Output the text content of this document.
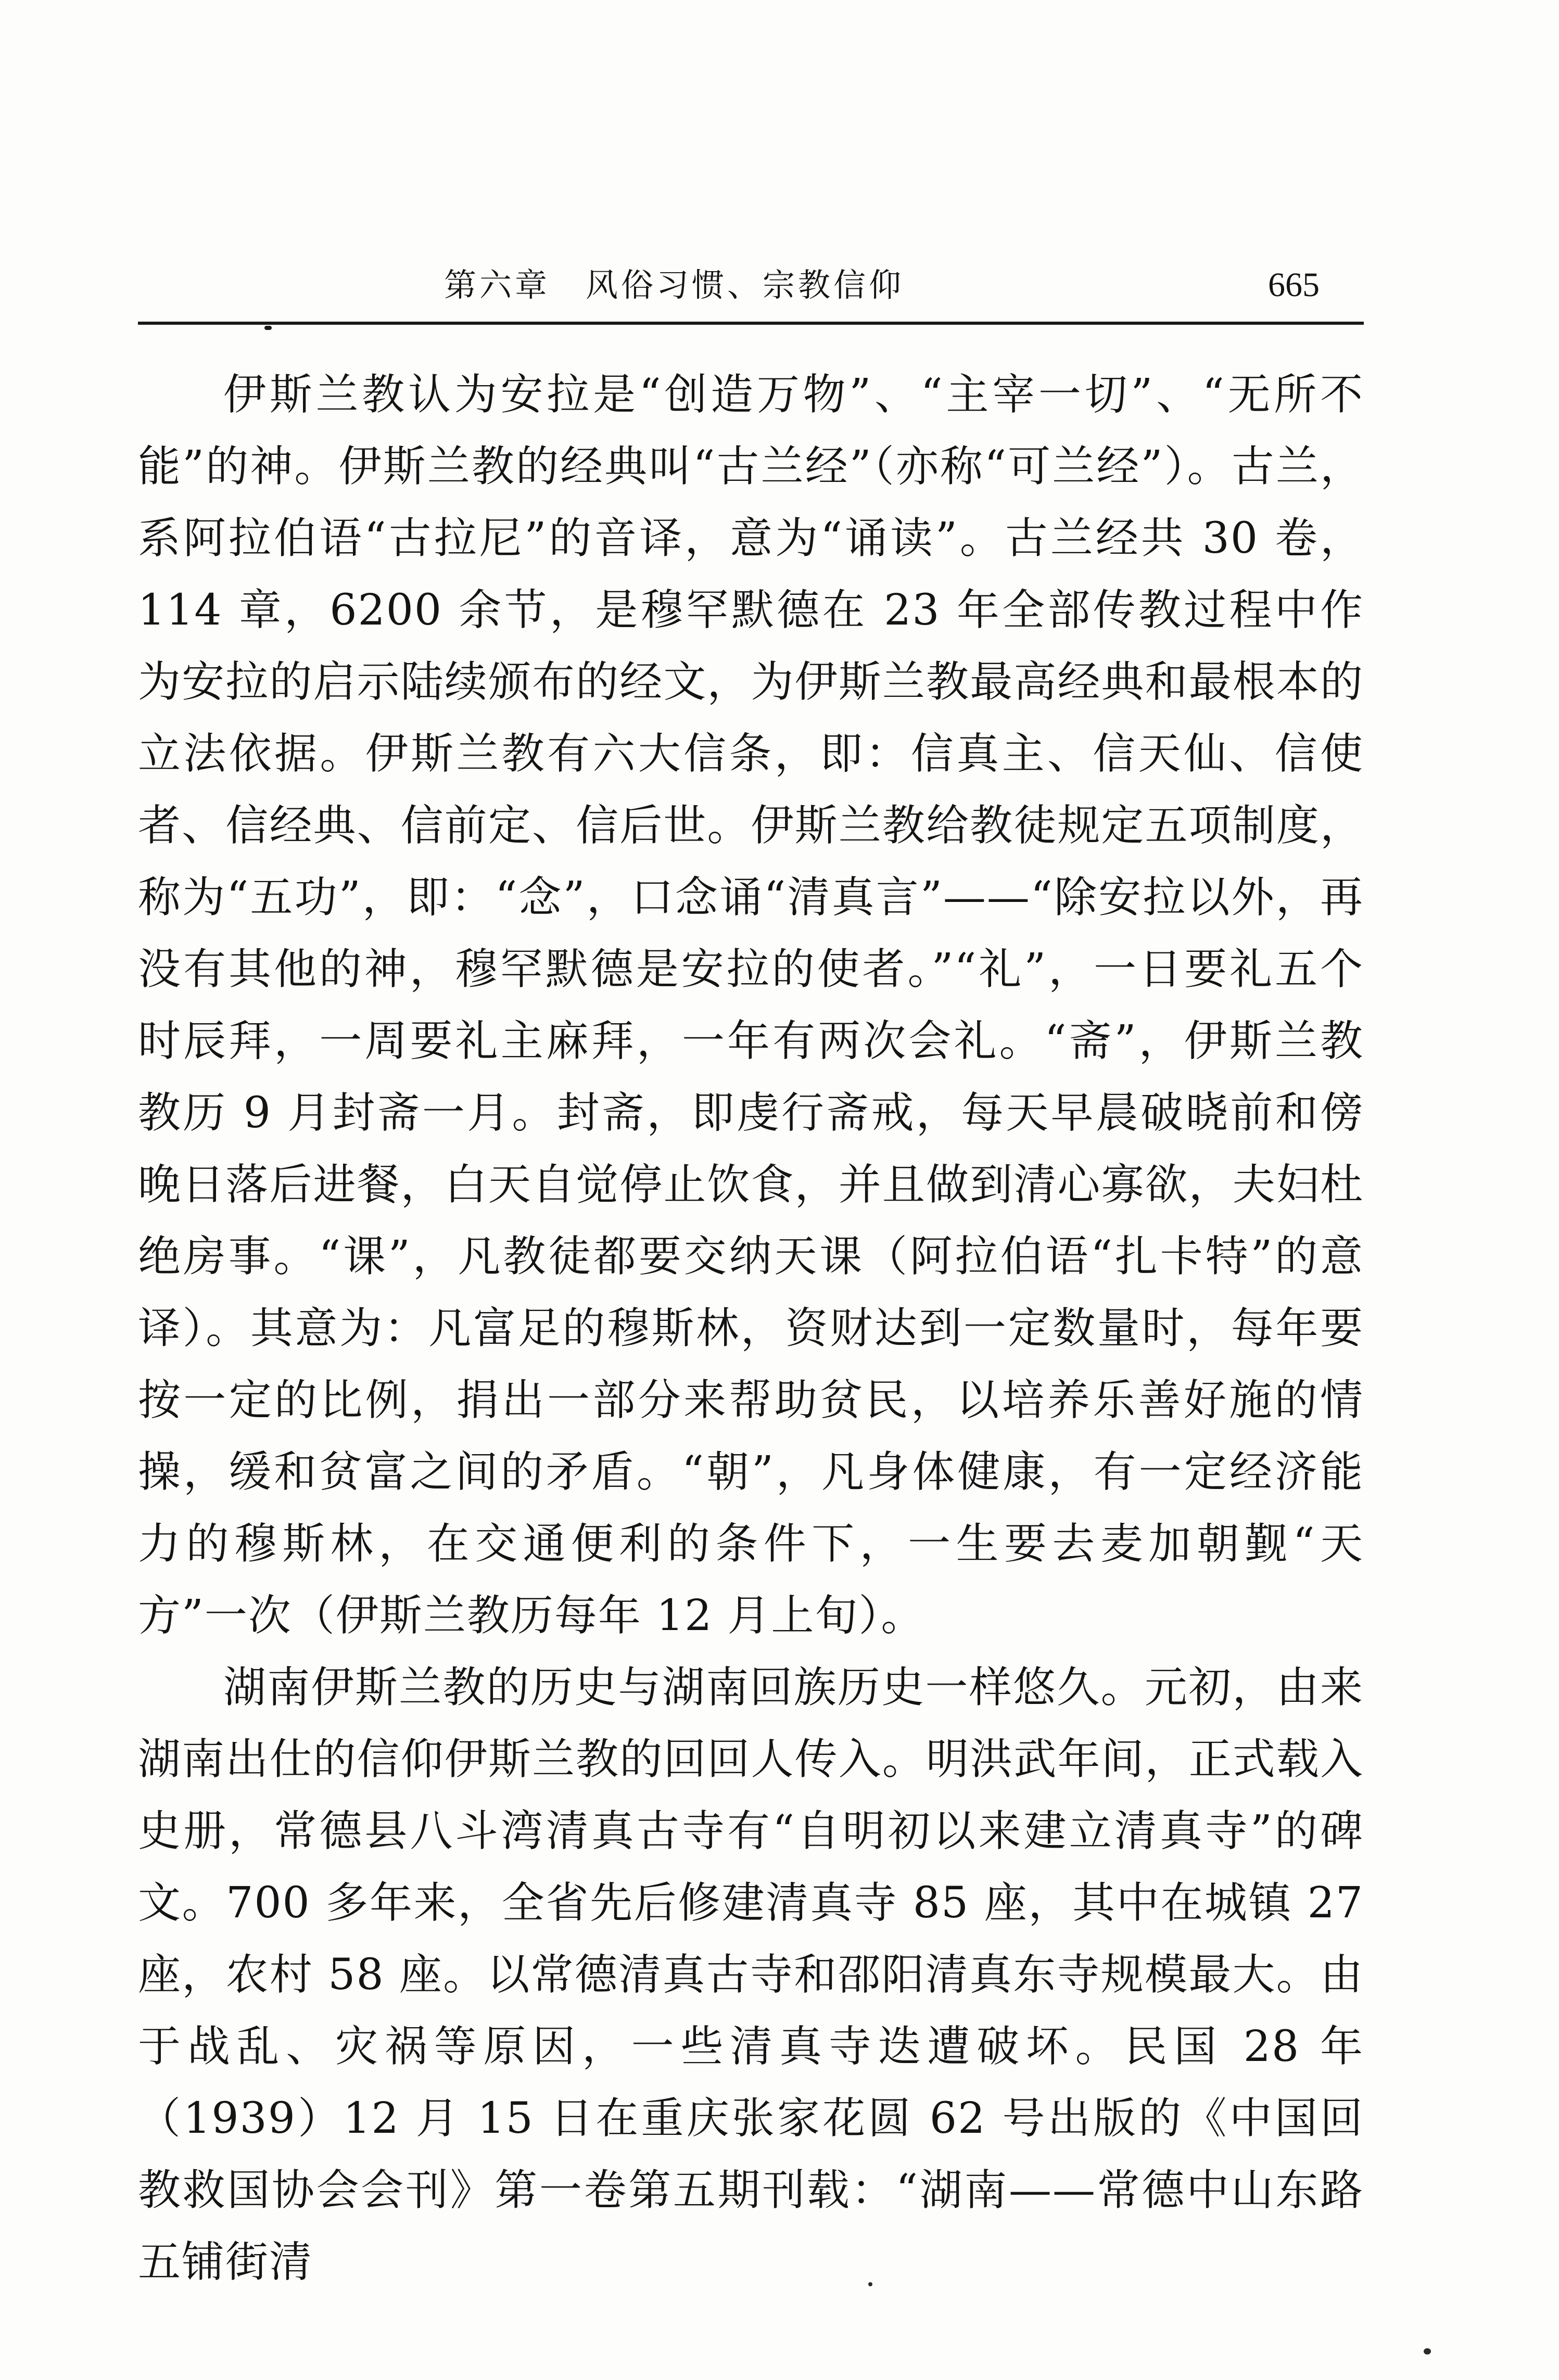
第六章　风俗习惯、宗教信仰	665

伊斯兰教认为安拉是“创造万物”、“主宰一切”、“无所不能”的神。伊斯兰教的经典叫“古兰经”（亦称“可兰经”）。古兰，系阿拉伯语“古拉尼”的音译，意为“诵读”。古兰经共 30 卷，114 章，6200 余节，是穆罕默德在 23 年全部传教过程中作为安拉的启示陆续颁布的经文，为伊斯兰教最高经典和最根本的立法依据。伊斯兰教有六大信条，即：信真主、信天仙、信使者、信经典、信前定、信后世。伊斯兰教给教徒规定五项制度，称为“五功”，即：“念”，口念诵“清真言”——“除安拉以外，再没有其他的神，穆罕默德是安拉的使者。”“礼”，一日要礼五个时辰拜，一周要礼主麻拜，一年有两次会礼。“斋”，伊斯兰教教历 9 月封斋一月。封斋，即虔行斋戒，每天早晨破晓前和傍晚日落后进餐，白天自觉停止饮食，并且做到清心寡欲，夫妇杜绝房事。“课”，凡教徒都要交纳天课（阿拉伯语“扎卡特”的意译）。其意为：凡富足的穆斯林，资财达到一定数量时，每年要按一定的比例，捐出一部分来帮助贫民，以培养乐善好施的情操，缓和贫富之间的矛盾。“朝”，凡身体健康，有一定经济能力的穆斯林，在交通便利的条件下，一生要去麦加朝觐“天方”一次（伊斯兰教历每年 12 月上旬）。

湖南伊斯兰教的历史与湖南回族历史一样悠久。元初，由来湖南出仕的信仰伊斯兰教的回回人传入。明洪武年间，正式载入史册，常德县八斗湾清真古寺有“自明初以来建立清真寺”的碑文。700 多年来，全省先后修建清真寺 85 座，其中在城镇 27 座，农村 58 座。以常德清真古寺和邵阳清真东寺规模最大。由于战乱、灾祸等原因，一些清真寺迭遭破坏。民国 28 年（1939）12 月 15 日在重庆张家花圆 62 号出版的《中国回教救国协会会刊》第一卷第五期刊载：“湖南——常德中山东路五铺街清
